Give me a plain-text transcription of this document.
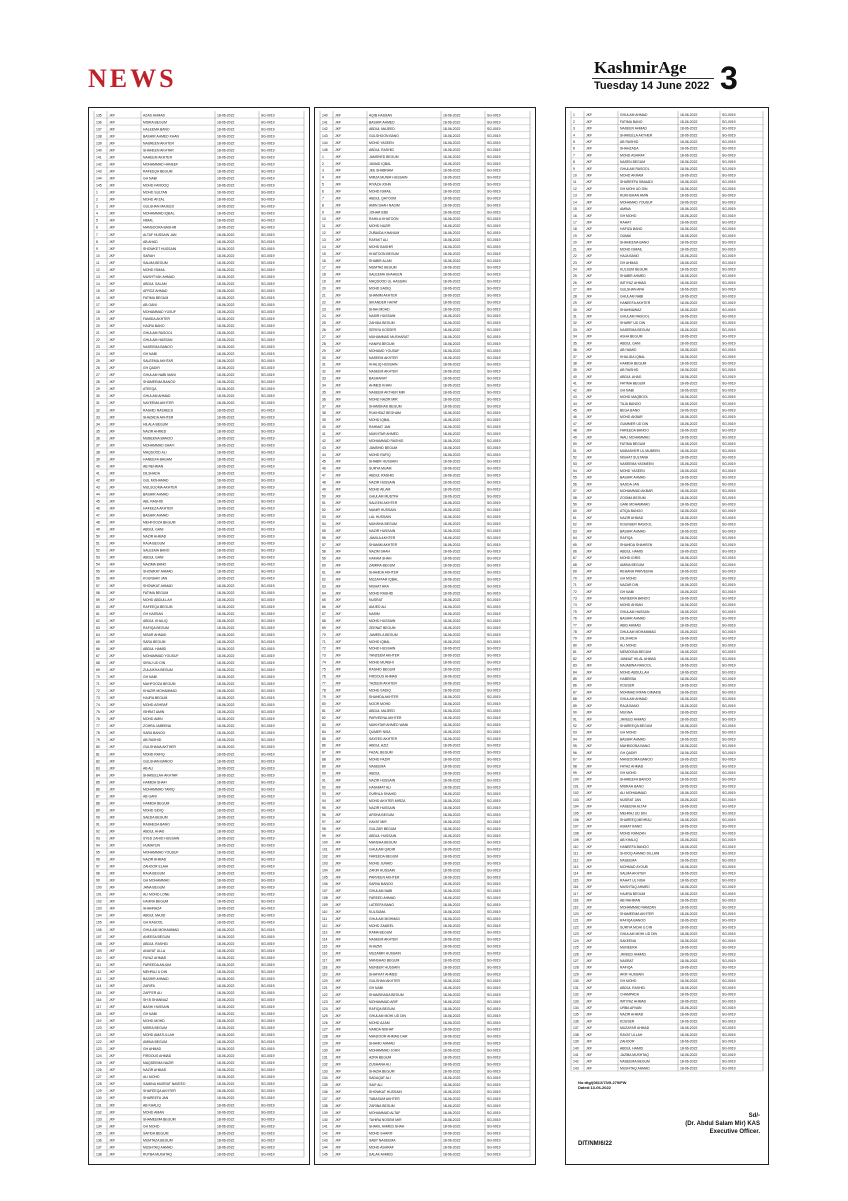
NEWS	KashmirAge
Tuesday 14 June 2022 3
135 JKF	AZAD AHMAD	18-06-2022	SG-0019
136 JKF	MISRA BEGUM	18-06-2022	SG-0019
137 JKF	HALEEMA BANO	18-06-2022	SG-0019
138 JKF	BASHIR AHMED KHAN	18-06-2022	SG-0019
139 JKF	NASREEN AKHTER	18-06-2022	SG-0019
140 JKF	SHAHEEN AKHTAR	18-06-2022	SG-0019
141 JKF	NAHEEM AKHTER	18-06-2022	SG-0019
142 JKF	MOHAMMAD HANEEF	18-06-2022	SG-0019
143 JKF	RAFEEQA BEGUM	18-06-2022	SG-0019
144 JKF	GH NABI	18-06-2022	SG-0019
145 JKF	MOHD FAROOQ	18-06-2022	SG-0019
1	JKF	MOHD SULTAN	18-06-2022	SG-0019
2	JKF	MOHD AFZAL	18-06-2022	SG-0019
3	JKF	GULSHAN MAJEED	18-06-2022	SG-0019
4	JKF	MOHAMMAD IQBAL	18-06-2022	SG-0019
5	JKF	HIMAL	18-06-2022	SG-0019
6	JKF	MANSOORA BASHIR	18-06-2022	SG-0019
7	JKF	ALTAF HUSSAIN JAN	18-06-2022	SG-0019
8	JKF	AB AHAD	18-06-2022	SG-0019
9	JKF	SHOWKET HUSSAIN	18-06-2022	SG-0019
10	JKF	SARAH	18-06-2022	SG-0019
11	JKF	SALMA BEGUM	18-06-2022	SG-0019
12	JKF	MOHD ISMAIL	18-06-2022	SG-0019
13	JKF	MUSHTYAK AHMAD	18-06-2022	SG-0019
14	JKF	ABDUL SALAM	18-06-2022	SG-0019
15	JKF	AFROZ AHMAD	18-06-2022	SG-0019
16	JKF	FATIMA BEGUM	18-06-2022	SG-0019
17	JKF	AB GANI	18-06-2022	SG-0019
18	JKF	MOHAMMAD YUSUF	18-06-2022	SG-0019
19	JKF	FAMIDA AKHTER	18-06-2022	SG-0019
20	JKF	HAJRA BANO	18-06-2022	SG-0019
21	JKF	GHULAM RASOOL	18-06-2022	SG-0019
22	JKF	GHULAM HASSAN	18-06-2022	SG-0019
23	JKF	NASEEMA BANOO	18-06-2022	SG-0019
24	JKF	GH NABI	18-06-2022	SG-0019
25	JKF	SALEEMA AKHTAR	18-06-2022	SG-0019
26	JKF	GH QADIR	18-06-2022	SG-0019
27	JKF	GHULAM NABI MANI	18-06-2022	SG-0019
28	JKF	SHAMEEMA BANOO	18-06-2022	SG-0019
29	JKF	ATEEQA	18-06-2022	SG-0019
30	JKF	GHULAM AHMAD	18-06-2022	SG-0019
31	JKF	NAYEEMA AKHTER	18-06-2022	SG-0019
32	JKF	RASHID RASHEED	18-06-2022	SG-0019
33	JKF	SHAZADA AKHTER	18-06-2022	SG-0019
34	JKF	HILALA BEGUM	18-06-2022	SG-0019
35	JKF	NAZIR AHMED	18-06-2022	SG-0019
36	JKF	MUBEENA BANOO	18-06-2022	SG-0019
37	JKF	MOHAMMAD SHAFI	18-06-2022	SG-0019
38	JKF	MAQSOOD ALI	18-06-2022	SG-0019
39	JKF	HANEEFA BAGAM	18-06-2022	SG-0019
40	JKF	AB REHMAN	18-06-2022	SG-0019
41	JKF	DILSHADA	18-06-2022	SG-0019
42	JKF	GUL MOHAMAD	18-06-2022	SG-0019
43	JKF	MULSOOMA AKHTER	18-06-2022	SG-0019
44	JKF	BASHIR AHMAD	18-06-2022	SG-0019
45	JKF	ABL RASHID	18-06-2022	SG-0019
46	JKF	HAFEEZA AKHTER	18-06-2022	SG-0019
47	JKF	BASHIR AHMAD	18-06-2022	SG-0019
48	JKF	MEHFOOZA BEGUM	18-06-2022	SG-0019
49	JKF	ABDUL GANI	18-06-2022	SG-0019
50	JKF	NAZIR AHMAD	18-06-2022	SG-0019
51	JKF	RAJA BEGUM	18-06-2022	SG-0019
52	JKF	SALEEMA BANO	18-06-2022	SG-0019
53	JKF	ABDUL GANI	18-06-2022	SG-0019
54	JKF	NAZIMA BANO	18-06-2022	SG-0019
55	JKF	SHOWKAT AHMAD	18-06-2022	SG-0019
56	JKF	KOUNSAR JAN	18-06-2022	SG-0019
57	JKF	SHOWKAT AHMAD	18-06-2022	SG-0019
58	JKF	FATIMA BEGUM	18-06-2022	SG-0019
59	JKF	MOHD ABDULLAH	18-06-2022	SG-0019
60	JKF	RAFEEQA BEGUM	18-06-2022	SG-0019
61	JKF	GH HASSAN	18-06-2022	SG-0019
62	JKF	ABDUL KHALIQ	18-06-2022	SG-0019
63	JKF	RAFIQA BEGUM	18-06-2022	SG-0019
64	JKF	NISAR AHMAD	18-06-2022	SG-0019
65	JKF	SARA BEGUM	18-06-2022	SG-0019
66	JKF	ABDUL HAMID	18-06-2022	SG-0019
67	JKF	MOHAMMAD YOUSUF	18-06-2022	SG-0019
68	JKF	SIRAJ UD DIN	18-06-2022	SG-0019
69	JKF	ZULAIKHA BEGUM	18-06-2022	SG-0019
70	JKF	GH NABI	18-06-2022	SG-0019
71	JKF	MAHFOOZA BEGUM	18-06-2022	SG-0019
72	JKF	KHAZIR MOHAMMAD	18-06-2022	SG-0019
73	JKF	HAJRA BEGUM	18-06-2022	SG-0019
74	JKF	MOHD ASHRAF	18-06-2022	SG-0019
75	JKF	ISHRAT AMIN	18-06-2022	SG-0019
76	JKF	MOHD AMIN	18-06-2022	SG-0019
77	JKF	ZOHRA JABEENA	18-06-2022	SG-0019
78	JKF	SARA BANOO	18-06-2022	SG-0019
79	JKF	AB RASHID	18-06-2022	SG-0019
80	JKF	GULSHANA AKTHER	18-06-2022	SG-0019
81	JKF	MOHD RAFIQ	18-06-2022	SG-0019
82	JKF	GULSHAN BANOO	18-06-2022	SG-0019
83	JKF	AB ALI	18-06-2022	SG-0019
84	JKF	SHAKEELAH AKHTAR	18-06-2022	SG-0019
85	JKF	HAMIDA SHAFI	18-06-2022	SG-0019
86	JKF	MOHAMMAD TARIQ	18-06-2022	SG-0019
87	JKF	AB GANI	18-06-2022	SG-0019
88	JKF	HAMIDA BEGUM	18-06-2022	SG-0019
89	JKF	MOHD SIDIQ	18-06-2022	SG-0019
90	JKF	SAEDA BEGUM	18-06-2022	SG-0019
91	JKF	RASHEDA BANO	18-06-2022	SG-0019
92	JKF	ABDUL AHAD	18-06-2022	SG-0019
93	JKF	SYED ZAHID HUSSAIN	18-06-2022	SG-0019
94	JKF	HUMAYUN	18-06-2022	SG-0019
95	JKF	MOHAMMAD YOUSUF	18-06-2022	SG-0019
96	JKF	NAZIR AHMAD	18-06-2022	SG-0019
97	JKF	ZAHOOR ELAHI	18-06-2022	SG-0019
98	JKF	RAJA BEGUM	18-06-2022	SG-0019
99	JKF	GH MOHAMMAD	18-06-2022	SG-0019
100 JKF	JANA BEGUM	18-06-2022	SG-0019
101 JKF	ALI MOHD LONE	18-06-2022	SG-0019
102 JKF	HAJIRA BEGUM	18-06-2022	SG-0019
103 JKF	SHAHNAZA	18-06-2022	SG-0019
104 JKF	ABDUL MAJID	18-06-2022	SG-0019
105 JKF	GH RASOOL	18-06-2022	SG-0019
106 JKF	GHULAM MOHAMMAD	18-06-2022	SG-0019
107 JKF	ANEESA BEGUM	18-06-2022	SG-0019
108 JKF	ABDUL RASHID	18-06-2022	SG-0019
109 JKF	ANAYAT ULLA	18-06-2022	SG-0019
110 JKF	FAYAZ AHMAD	18-06-2022	SG-0019
111 JKF	FAREEDA ANJUM	18-06-2022	SG-0019
112 JKF	MEHRAJ U DIN	18-06-2022	SG-0019
113 JKF	BASHIR AHMAD	18-06-2022	SG-0019
114 JKF	ZARIFA	18-06-2022	SG-0019
115 JKF	ZAFFER ALI	18-06-2022	SG-0019
116 JKF	SH B SHANNAZ	18-06-2022	SG-0019
117 JKF	BASHI HUSSAIN	18-06-2022	SG-0019
118 JKF	GH NABI	18-06-2022	SG-0019
119 JKF	MOHD MOHD	18-06-2022	SG-0019
120 JKF	MISRA BEGUM	18-06-2022	SG-0019
121 JKF	MOHD AMATULLAH	18-06-2022	SG-0019
122 JKF	AMINA BEGUM	18-06-2022	SG-0019
123 JKF	GH AHMAD	18-06-2022	SG-0019
124 JKF	FIRDOUS AHMAD	18-06-2022	SG-0019
125 JKF	MAQSEEMA NAZIR	18-06-2022	SG-0019
126 JKF	NAZIR AHMAD	18-06-2022	SG-0019
127 JKF	ALI MOHD	18-06-2022	SG-0019
128 JKF	SAMINA MUSRAT NAVEED	18-06-2022	SG-0019
129 JKF	SHAFEEQA AKHTER	18-06-2022	SG-0019
130 JKF	SHAREEFA JAN	18-06-2022	SG-0019
131 JKF	AB KHALIQ	18-06-2022	SG-0019
132 JKF	MOHD AMAN	18-06-2022	SG-0019
133 JKF	SHAMEEMA BEGUM	18-06-2022	SG-0019
134 JKF	GH MOHD	18-06-2022	SG-0019
135 JKF	SAFIDA BEGUM	18-06-2022	SG-0019
136 JKF	MUMTAZA BEGUM	18-06-2022	SG-0019
137 JKF	MUSHTAQ AHMAD	18-06-2022	SG-0019
138 JKF	RUTBA MUSHTAQ	18-06-2022	SG-0019
140 JKF	AQIB HASSAN	18-06-2022	SG-0019
141 JKF	BASHIR AHMED	18-06-2022	SG-0019
142 JKF	ABDUL MAJEED	18-06-2022	SG-0019
143 JKF	GULSHOON BANO	18-06-2022	SG-0019
144 JKF	MOHD YASEEN	18-06-2022	SG-0019
145 JKF	ABDUL RASHID	18-06-2022	SG-0019
1	JKF	JAMSHED BEGUM	18-06-2022	SG-0019
2	JKF	JAVAID IQBAL	18-06-2022	SG-0019
3	JKF	JEE SHABNAM	18-06-2022	SG-0019
4	JKF	MIRZA MUNIR HUSSAIN	18-06-2022	SG-0019
5	JKF	RIYAZA JOHN	18-06-2022	SG-0019
6	JKF	MOHD ISMAIL	18-06-2022	SG-0019
7	JKF	ABDUL QAYOOM	18-06-2022	SG-0019
8	JKF	AMIN SHAH NADIM	18-06-2022	SG-0019
9	JKF	JOHAR BIBI	18-06-2022	SG-0019
10	JKF	RAHILA KHATOON	18-06-2022	SG-0019
11	JKF	MOHD NAZIR	18-06-2022	SG-0019
12	JKF	ZUBAIDA KHANUM	18-06-2022	SG-0019
13	JKF	RAFAKT ALI	18-06-2022	SG-0019
14	JKF	MOHD BASHIR	18-06-2022	SG-0019
15	JKF	KHATOON BEGUM	18-06-2022	SG-0019
16	JKF	SHABIR ALAM	18-06-2022	SG-0019
17	JKF	MUMTAZ BEGUM	18-06-2022	SG-0019
18	JKF	SALEEMA SHAHEEN	18-06-2022	SG-0019
19	JKF	MAQSOOD UL HASSAN	18-06-2022	SG-0019
20	JKF	MOHD SADIQ	18-06-2022	SG-0019
21	JKF	SHAMIM AKHTER	18-06-2022	SG-0019
22	JKF	SIKANDER HAYAT	18-06-2022	SG-0019
23	JKF	SHAH MOHD	18-06-2022	SG-0019
24	JKF	NASIR HUSSAIN	18-06-2022	SG-0019
25	JKF	ZAHIDA BEGUM	18-06-2022	SG-0019
26	JKF	SERIYA KOSSER	18-06-2022	SG-0019
27	JKF	MUHAMMAD MUSHARAT	18-06-2022	SG-0019
28	JKF	HANIFA BEGUM	18-06-2022	SG-0019
29	JKF	MOHAMD YOUSAF	18-06-2022	SG-0019
30	JKF	NASEEM AKHTER	18-06-2022	SG-0019
31	JKF	KHALIQ HUSSAIN	18-06-2022	SG-0019
32	JKF	NASEEM AKHTER	18-06-2022	SG-0019
33	JKF	BASHARAT	18-06-2022	SG-0019
34	JKF	AHMED KHAN	18-06-2022	SG-0019
35	JKF	NASEEM AKTHER MIR	18-06-2022	SG-0019
36	JKF	MOHD NAZIR MIR	18-06-2022	SG-0019
37	JKF	SHAMSHAD BEGUM	18-06-2022	SG-0019
38	JKF	RUKHSAZ BEGHAM	18-06-2022	SG-0019
39	JKF	MOHD IQBAL	18-06-2022	SG-0019
40	JKF	RAHMAT JAN	18-06-2022	SG-0019
41	JKF	MUKHTAR AHMED	18-06-2022	SG-0019
42	JKF	MOHAMMAD RASHID	18-06-2022	SG-0019
43	JKF	JAMSHID BEGUM	18-06-2022	SG-0019
44	JKF	MOHD RAFIQ	18-06-2022	SG-0019
45	JKF	SHABIR HUSSAIN	18-06-2022	SG-0019
46	JKF	SURYA MUAM	18-06-2022	SG-0019
47	JKF	ABDUL RASHID	18-06-2022	SG-0019
48	JKF	NAZIR HUSSAIN	18-06-2022	SG-0019
49	JKF	MOHD AILAM	18-06-2022	SG-0019
50	JKF	GHULAM MUSTFA	18-06-2022	SG-0019
51	JKF	SALEEM AKHTER	18-06-2022	SG-0019
52	JKF	MANIR HUSSAIN	18-06-2022	SG-0019
53	JKF	LAL HUSSAIN	18-06-2022	SG-0019
54	JKF	MUNSHA BEGUM	18-06-2022	SG-0019
55	JKF	NAZIR HUSSAIN	18-06-2022	SG-0019
56	JKF	JAMILA AKHTER	18-06-2022	SG-0019
57	JKF	SHAMIM AKHTER	18-06-2022	SG-0019
58	JKF	NAZIM SHAH	18-06-2022	SG-0019
59	JKF	HAKAM SHAH	18-06-2022	SG-0019
60	JKF	ZAMIRA BEGUM	18-06-2022	SG-0019
61	JKF	SHAHIDA AKHTER	18-06-2022	SG-0019
62	JKF	MUZAFFAR IQBAL	18-06-2022	SG-0019
63	JKF	NISHAT ARA	18-06-2022	SG-0019
64	JKF	MOHD RASHID	18-06-2022	SG-0019
65	JKF	NUSRAT	18-06-2022	SG-0019
66	JKF	AMJED ALI	18-06-2022	SG-0019
67	JKF	NASIM	18-06-2022	SG-0019
68	JKF	MOHD HUSSAIN	18-06-2022	SG-0019
69	JKF	ZEENAT BEGUM	18-06-2022	SG-0019
70	JKF	JAMEELA BEGUM	18-06-2022	SG-0019
71	JKF	MOHD IQBAL	18-06-2022	SG-0019
72	JKF	MOHD HUSSAIN	18-06-2022	SG-0019
73	JKF	TANZEEM AKHTER	18-06-2022	SG-0019
74	JKF	MOHD MUNSHI	18-06-2022	SG-0019
75	JKF	RASHID BEGUM	18-06-2022	SG-0019
76	JKF	FIRDOUS AHMAD	18-06-2022	SG-0019
77	JKF	TAZEEM AKHTER	18-06-2022	SG-0019
78	JKF	MOHD SADIQ	18-06-2022	SG-0019
79	JKF	SHAHIDA AKHTER	18-06-2022	SG-0019
80	JKF	NOOR MOHD	18-06-2022	SG-0019
81	JKF	ABDUL MAJEED	18-06-2022	SG-0019
82	JKF	PARVEENA AKHTER	18-06-2022	SG-0019
83	JKF	MUKHTAR AHMED WANI	18-06-2022	SG-0019
84	JKF	QUMER NISA	18-06-2022	SG-0019
85	JKF	SAYEED AKHTER	18-06-2022	SG-0019
86	JKF	ABDUL AZIZ	18-06-2022	SG-0019
87	JKF	FAZAL BEGUM	18-06-2022	SG-0019
88	JKF	MOHD FAZIR	18-06-2022	SG-0019
89	JKF	NASEEMA	18-06-2022	SG-0019
90	JKF	ABDUL	18-06-2022	SG-0019
91	JKF	NAZIR HUSSAIN	18-06-2022	SG-0019
92	JKF	HASHMAT ALI	18-06-2022	SG-0019
93	JKF	DURNLA SHAHID	18-06-2022	SG-0019
94	JKF	MOHD AKHTER MIRZA	18-06-2022	SG-0019
95	JKF	NAZIR HUSSAIN	18-06-2022	SG-0019
96	JKF	ARSHA BEGUM	18-06-2022	SG-0019
97	JKF	HAYAT MIR	18-06-2022	SG-0019
98	JKF	GULZAR BEGUM	18-06-2022	SG-0019
99	JKF	ABDUL HUSSAIN	18-06-2022	SG-0019
100 JKF	MANSHA BEGUM	18-06-2022	SG-0019
101 JKF	GHULAM QADIR	18-06-2022	SG-0019
102 JKF	FAREEDA BEGUM	18-06-2022	SG-0019
103 JKF	MOHD JUNAID	18-06-2022	SG-0019
104 JKF	ZAKIR HUSSAIN	18-06-2022	SG-0019
105 JKF	PARVEEN AKHTER	18-06-2022	SG-0019
106 JKF	SARVA BANOO	18-06-2022	SG-0019
107 JKF	GHULAM NABI	18-06-2022	SG-0019
108 JKF	FAREED AHMAD	18-06-2022	SG-0019
109 JKF	LATEEFA BANO	18-06-2022	SG-0019
110 JKF	KULSUMA	18-06-2022	SG-0019
111 JKF	GHULAM MOHMAD	18-06-2022	SG-0019
112 JKF	MOHD ZAMEEL	18-06-2022	SG-0019
113 JKF	RAMA BEGUM	18-06-2022	SG-0019
114 JKF	NASEEM AKHTER	18-06-2022	SG-0019
115 JKF	KHAZMI	18-06-2022	SG-0019
116 JKF	MUZAMIR HUSSAIN	18-06-2022	SG-0019
117 JKF	MANSHAD BEGUM	18-06-2022	SG-0019
118 JKF	MUNEER HUSSAIN	18-06-2022	SG-0019
119 JKF	SHAFKAT AHMED	18-06-2022	SG-0019
120 JKF	GULSHAN AKHTER	18-06-2022	SG-0019
121 JKF	GH NABI	18-06-2022	SG-0019
122 JKF	SHAMSHADA BEGUM	18-06-2022	SG-0019
123 JKF	MOHAMMAD ARIF	18-06-2022	SG-0019
124 JKF	RAFIQA BEGUM	18-06-2022	SG-0019
125 JKF	GHULAM MOHI UD DIN	18-06-2022	SG-0019
126 JKF	MOHD AZAM	18-06-2022	SG-0019
127 JKF	NARDA NISHAT	18-06-2022	SG-0019
128 JKF	MANZOOR AHMAD DAR	18-06-2022	SG-0019
129 JKF	SHAHID AHMAD	18-06-2022	SG-0019
130 JKF	MOHAMMAD JOHN	18-06-2022	SG-0019
131 JKF	AZRA BEGUM	18-06-2022	SG-0019
132 JKF	ZUSHANA ALI	18-06-2022	SG-0019
133 JKF	SHAZIA BEGUM	18-06-2022	SG-0019
134 JKF	SADAQAT ALI	18-06-2022	SG-0019
135 JKF	SAIF ALI	18-06-2022	SG-0019
136 JKF	SHOWKAT HUSSAIN	18-06-2022	SG-0019
137 JKF	TABASUM AKHTER	18-06-2022	SG-0019
138 JKF	ZARINA BEGUM	18-06-2022	SG-0019
139 JKF	MOHAMMAD ALTAF	18-06-2022	SG-0019
140 JKF	TAHIRA NOSEM MIR	18-06-2022	SG-0019
141 JKF	SHAKIL AHMED SHAH	18-06-2022	SG-0019
142 JKF	MOHD SHARIF	18-06-2022	SG-0019
143 JKF	SABY NASEEMA	18-06-2022	SG-0019
144 JKF	MOHD ASHRAF	18-06-2022	SG-0019
145 JKF	SALAK AHMED	18-06-2022	SG-0019
1	JKF	GHULAM AHMAD	18-06-2022	SG-0019
2	JKF	FATIMA BANO	18-06-2022	SG-0019
3	JKF	NASEER AHMAD	18-06-2022	SG-0019
4	JKF	SHAKEELA AKTHER	18-06-2022	SG-0019
5	JKF	AB RASHID	18-06-2022	SG-0019
6	JKF	SHAHZADA	18-06-2022	SG-0019
7	JKF	MOHD ASHRAF	18-06-2022	SG-0019
8	JKF	NASEN BEGUM	18-06-2022	SG-0019
9	JKF	GHULAM RASOOL	18-06-2022	SG-0019
10	JKF	MOHD AKRAM	18-06-2022	SG-0019
11	JKF	SHAREEFA SIMAADI	18-06-2022	SG-0019
12	JKF	GH MOHI UD DIN	18-06-2022	SG-0019
13	JKF	RUKHSHAN AMIN	18-06-2022	SG-0019
14	JKF	MOHAMAD YOUSUF	18-06-2022	SG-0019
15	JKF	AMINA	18-06-2022	SG-0019
16	JKF	GH MOHD	18-06-2022	SG-0019
17	JKF	RAHAT	18-06-2022	SG-0019
18	JKF	HAFIZA BANO	18-06-2022	SG-0019
19	JKF	OUMAI	18-06-2022	SG-0019
20	JKF	SHAHEENA BANO	18-06-2022	SG-0019
21	JKF	MOHD ISMAIL	18-06-2022	SG-0019
22	JKF	HAJA BANO	18-06-2022	SG-0019
23	JKF	GH AHMAD	18-06-2022	SG-0019
24	JKF	KULSUM BEGUM	18-06-2022	SG-0019
25	JKF	SHABIR AHMED	18-06-2022	SG-0019
26	JKF	IMTIYAZ AHMAD	18-06-2022	SG-0019
27	JKF	GULSHAN ARA	18-06-2022	SG-0019
28	JKF	GHULAM NABI	18-06-2022	SG-0019
29	JKF	HANEEFA AKHTER	18-06-2022	SG-0019
30	JKF	SHAHNAWAZ	18-06-2022	SG-0019
31	JKF	GHULAM RASOOL	18-06-2022	SG-0019
32	JKF	SHARIF UD DIN	18-06-2022	SG-0019
33	JKF	NASEEMA BEGUM	18-06-2022	SG-0019
34	JKF	ASHA BEGUM	18-06-2022	SG-0019
35	JKF	ABDUL GANI	18-06-2022	SG-0019
36	JKF	AB HAMID	18-06-2022	SG-0019
37	JKF	KHALIDA IQBAL	18-06-2022	SG-0019
38	JKF	HAMIDA BEGUM	18-06-2022	SG-0019
39	JKF	AB RASHID	18-06-2022	SG-0019
40	JKF	ABDUL AHAD	18-06-2022	SG-0019
41	JKF	FATIMA BEGUM	18-06-2022	SG-0019
42	JKF	GH NABI	18-06-2022	SG-0019
43	JKF	MOHD MAQBOOL	18-06-2022	SG-0019
44	JKF	TAJA BANOO	18-06-2022	SG-0019
45	JKF	BEGA BANO	18-06-2022	SG-0019
46	JKF	MOHD AKBAR	18-06-2022	SG-0019
47	JKF	GUMMER UD DIN	18-06-2022	SG-0019
48	JKF	FAREEDA BANOO	18-06-2022	SG-0019
49	JKF	WALI MOHAMMAD	18-06-2022	SG-0019
50	JKF	FATIMA BEGUM	18-06-2022	SG-0019
51	JKF	MUBASHER UL MUBEEN	18-06-2022	SG-0019
52	JKF	NISHAT SULTANA	18-06-2022	SG-0019
53	JKF	NASEEMA YASMEEN	18-06-2022	SG-0019
54	JKF	MOHD YASEEN	18-06-2022	SG-0019
55	JKF	BASHIR AHMAD	18-06-2022	SG-0019
56	JKF	SAJIDA JAN	18-06-2022	SG-0019
57	JKF	MOHAMMAD AKBAR	18-06-2022	SG-0019
58	JKF	ZOOMA BEGUM	18-06-2022	SG-0019
59	JKF	GANI MOHAMMAD	18-06-2022	SG-0019
60	JKF	ATIQA BANOO	18-06-2022	SG-0019
61	JKF	NAZIR AHMAD	18-06-2022	SG-0019
62	JKF	KOUNSER RASOOL	18-06-2022	SG-0019
63	JKF	BASHIR AHMAD	18-06-2022	SG-0019
64	JKF	RAFIQA	18-06-2022	SG-0019
65	JKF	SHAHIDA SHAHEEN	18-06-2022	SG-0019
66	JKF	ABDUL HAMID	18-06-2022	SG-0019
67	JKF	MOHD IDRIS	18-06-2022	SG-0019
68	JKF	AMINA BEGUM	18-06-2022	SG-0019
69	JKF	REHANA PARVEENA	18-06-2022	SG-0019
70	JKF	GH MOHD	18-06-2022	SG-0019
71	JKF	NAZAR DIN	18-06-2022	SG-0019
72	JKF	GH NABI	18-06-2022	SG-0019
73	JKF	MUNEERA BANOO	18-06-2022	SG-0019
74	JKF	MOHD AHSAN	18-06-2022	SG-0019
75	JKF	GHULAM HASSAN	18-06-2022	SG-0019
76	JKF	BASHIR AHMAD	18-06-2022	SG-0019
77	JKF	ABID AHMAD	18-06-2022	SG-0019
78	JKF	GHULAM MOHAMMAD	18-06-2022	SG-0019
79	JKF	DILSHADA	18-06-2022	SG-0019
80	JKF	ALI MOHD	18-06-2022	SG-0019
81	JKF	MEMOONA BEGUM	18-06-2022	SG-0019
82	JKF	JANNAT HILAL AHMAD	18-06-2022	SG-0019
83	JKF	NAJABINA RASOOL	18-06-2022	SG-0019
84	JKF	MOHD ABDULLAH	18-06-2022	SG-0019
85	JKF	HABEEBA	18-06-2022	SG-0019
86	JKF	KOUSER	18-06-2022	SG-0019
87	JKF	MOHMAD IRFAN DIMAKSI	18-06-2022	SG-0019
88	JKF	GHULAM AHMAD	18-06-2022	SG-0019
89	JKF	RAJA BANO	18-06-2022	SG-0019
90	JKF	MUGNA	18-06-2022	SG-0019
91	JKF	JAVEED AHMAD	18-06-2022	SG-0019
92	JKF	SHAREEQA BEGUM	18-06-2022	SG-0019
93	JKF	GH MOHD	18-06-2022	SG-0019
94	JKF	BASHIR AHMAD	18-06-2022	SG-0019
95	JKF	MAHBOOBA BANO	18-06-2022	SG-0019
96	JKF	GH QADIR	18-06-2022	SG-0019
97	JKF	MANZOORA BANOO	18-06-2022	SG-0019
98	JKF	FAYAZ AHMAD	18-06-2022	SG-0019
99	JKF	GH MOHD	18-06-2022	SG-0019
100 JKF	SHAREEFA BANOO	18-06-2022	SG-0019
101 JKF	MISRAH BANO	18-06-2022	SG-0019
102 JKF	ALI MOHAMMAD	18-06-2022	SG-0019
103 JKF	NUSRAT JAN	18-06-2022	SG-0019
104 JKF	HASEENA ALTAF	18-06-2022	SG-0019
105 JKF	MEHRAJ UD DIN	18-06-2022	SG-0019
106 JKF	SHAREEQ MEHRAJ	18-06-2022	SG-0019
107 JKF	ASMAT BANO	18-06-2022	SG-0019
108 JKF	MOHD RAMZAN	18-06-2022	SG-0019
109 JKF	AB KHALIQ	18-06-2022	SG-0019
110 JKF	HANEEFA BANOO	18-06-2022	SG-0019
111 JKF	SHOOQ AHMAD DILLANI	18-06-2022	SG-0019
112 JKF	NASEEMA	18-06-2022	SG-0019
113 JKF	MOHMAD AYOUB	18-06-2022	SG-0019
114 JKF	SALMA AKHTER	18-06-2022	SG-0019
115 JKF	RAHAT UL NISA	18-06-2022	SG-0019
116 JKF	MUSHTAQ AHMED	18-06-2022	SG-0019
117 JKF	HAJIRA BEGUM	18-06-2022	SG-0019
118 JKF	AB RAHMAN	18-06-2022	SG-0019
119 JKF	MOHAMMAD RAMZAN	18-06-2022	SG-0019
120 JKF	SHAMEEMA AKHTER	18-06-2022	SG-0019
121 JKF	RAFIQA BANOO	18-06-2022	SG-0019
122 JKF	SURIYA MOHI U DIN	18-06-2022	SG-0019
123 JKF	GHULAM MOHI UD DIN	18-06-2022	SG-0019
124 JKF	SAKEENA	18-06-2022	SG-0019
125 JKF	MUNEERA	18-06-2022	SG-0019
126 JKF	JAVEED AHMAD	18-06-2022	SG-0019
127 JKF	NASRAT	18-06-2022	SG-0019
128 JKF	RAFIQA	18-06-2022	SG-0019
129 JKF	ARIF HUSSAIN	18-06-2022	SG-0019
130 JKF	GH MOHD	18-06-2022	SG-0019
131 JKF	ABDUL RASHID	18-06-2022	SG-0019
132 JKF	CHAMPADA	18-06-2022	SG-0019
133 JKF	IMTIYAZ AHMAD	18-06-2022	SG-0019
134 JKF	URBA AFNAN	18-06-2022	SG-0019
135 JKF	NAZIR AHMAD	18-06-2022	SG-0019
136 JKF	KOUSER	18-06-2022	SG-0019
137 JKF	MUZAFAR AHMAD	18-06-2022	SG-0019
138 JKF	RAYAT ULLAH	18-06-2022	SG-0019
139 JKF	ZAHOOR	18-06-2022	SG-0019
140 JKF	ABDUL HAMID	18-06-2022	SG-0019
141 JKF	JAZIBA MUSHTAQ	18-06-2022	SG-0019
142 JKF	NASEEMA BEGUM	18-06-2022	SG-0019
143 JKF	MUSHTAQ AHMAD	18-06-2022	SG-0019
No:dtg/(0812/73/9-279/FW
Dated:13-06-2022
DIT/NM/6/22
Sd/-
(Dr. Abdul Salam Mir) KAS
Executive Officer.
